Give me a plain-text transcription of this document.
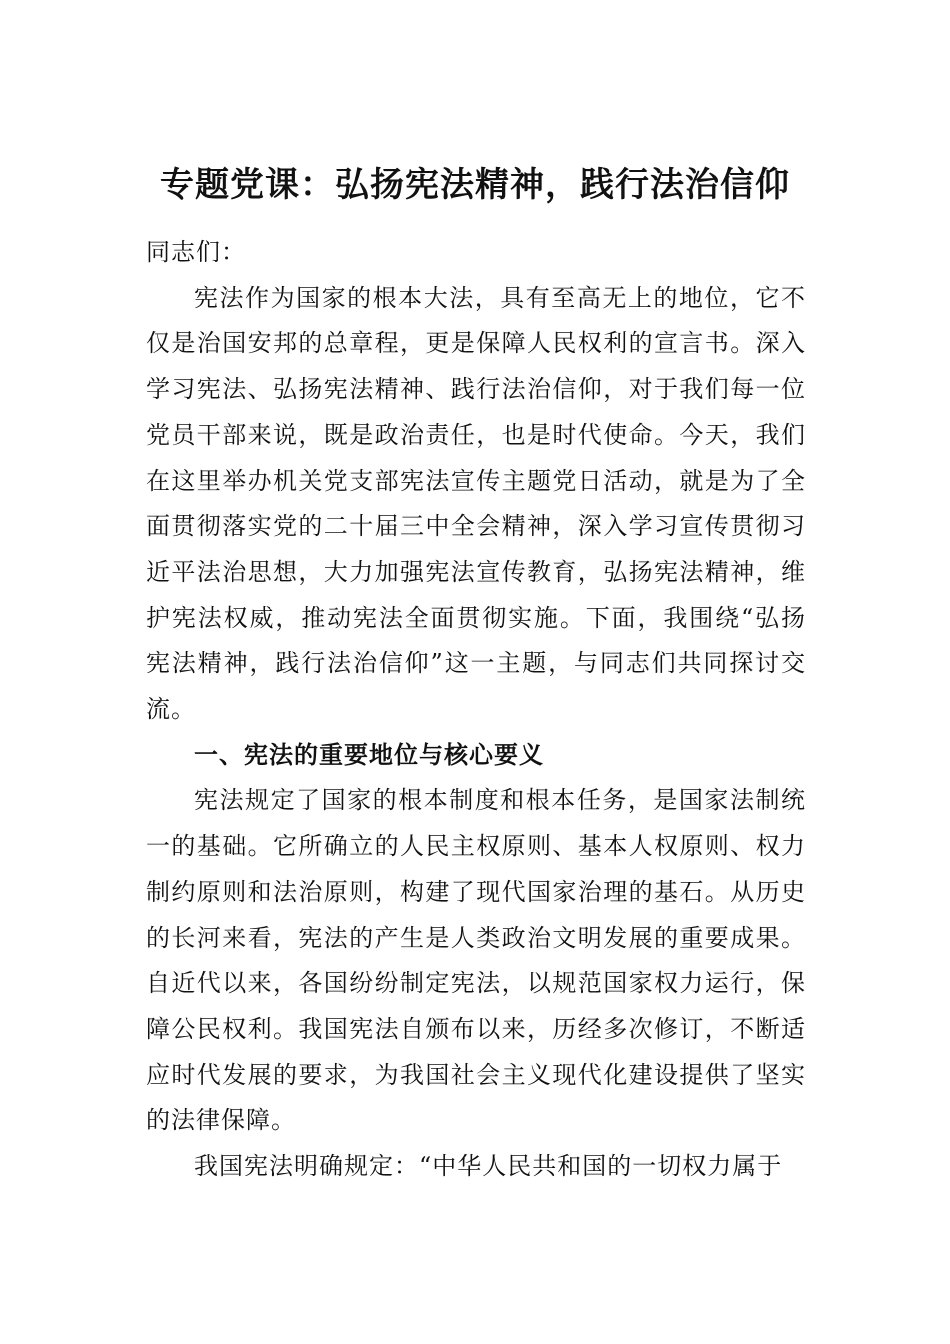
专题党课：弘扬宪法精神，践行法治信仰

同志们：

宪法作为国家的根本大法，具有至高无上的地位，它不仅是治国安邦的总章程，更是保障人民权利的宣言书。深入学习宪法、弘扬宪法精神、践行法治信仰，对于我们每一位党员干部来说，既是政治责任，也是时代使命。今天，我们在这里举办机关党支部宪法宣传主题党日活动，就是为了全面贯彻落实党的二十届三中全会精神，深入学习宣传贯彻习近平法治思想，大力加强宪法宣传教育，弘扬宪法精神，维护宪法权威，推动宪法全面贯彻实施。下面，我围绕“弘扬宪法精神，践行法治信仰”这一主题，与同志们共同探讨交流。

一、宪法的重要地位与核心要义

宪法规定了国家的根本制度和根本任务，是国家法制统一的基础。它所确立的人民主权原则、基本人权原则、权力制约原则和法治原则，构建了现代国家治理的基石。从历史的长河来看，宪法的产生是人类政治文明发展的重要成果。自近代以来，各国纷纷制定宪法，以规范国家权力运行，保障公民权利。我国宪法自颁布以来，历经多次修订，不断适应时代发展的要求，为我国社会主义现代化建设提供了坚实的法律保障。

我国宪法明确规定：“中华人民共和国的一切权力属于
